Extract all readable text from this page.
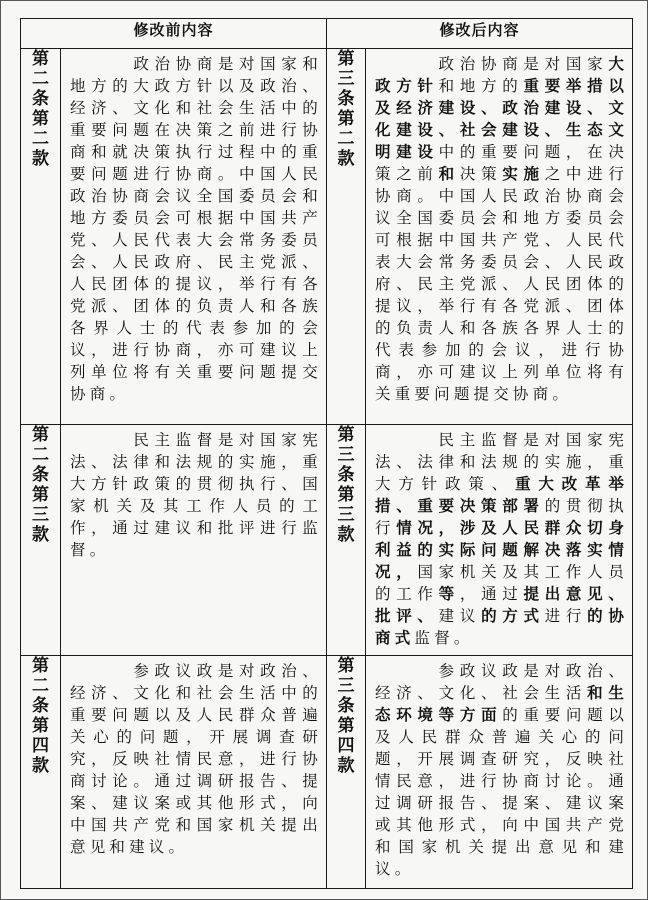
修改前内容		修改后内容	
第二条第二款	政治协商是对国家和地方的大政方针以及政治、经济、文化和社会生活中的重要问题在决策之前进行协商和就决策执行过程中的重要问题进行协商。中国人民政治协商会议全国委员会和地方委员会可根据中国共产党、人民代表大会常务委员会、人民政府、民主党派、人民团体的提议，举行有各党派、团体的负责人和各族各界人士的代表参加的会议，进行协商，亦可建议上列单位将有关重要问题提交协商。	第三条第二款	政治协商是对国家大政方针和地方的重要举措以及经济建设、政治建设、文化建设、社会建设、生态文明建设中的重要问题，在决策之前和决策实施之中进行协商。中国人民政治协商会议全国委员会和地方委员会可根据中国共产党、人民代表大会常务委员会、人民政府、民主党派、人民团体的提议，举行有各党派、团体的负责人和各族各界人士的代表参加的会议，进行协商，亦可建议上列单位将有关重要问题提交协商。

第二条第三款	民主监督是对国家宪法、法律和法规的实施，重大方针政策的贯彻执行、国家机关及其工作人员的工作，通过建议和批评进行监督。	第三条第三款	民主监督是对国家宪法、法律和法规的实施，重大方针政策、重大改革举措、重要决策部署的贯彻执行情况，涉及人民群众切身利益的实际问题解决落实情况，国家机关及其工作人员的工作等，通过提出意见、批评、建议的方式进行的协商式监督。

第二条第四款	参政议政是对政治、经济、文化和社会生活中的重要问题以及人民群众普遍关心的问题，开展调查研究，反映社情民意，进行协商讨论。通过调研报告、提案、建议案或其他形式，向中国共产党和国家机关提出意见和建议。	第三条第四款	参政议政是对政治、经济、文化、社会生活和生态环境等方面的重要问题以及人民群众普遍关心的问题，开展调查研究，反映社情民意，进行协商讨论。通过调研报告、提案、建议案或其他形式，向中国共产党和国家机关提出意见和建议。
